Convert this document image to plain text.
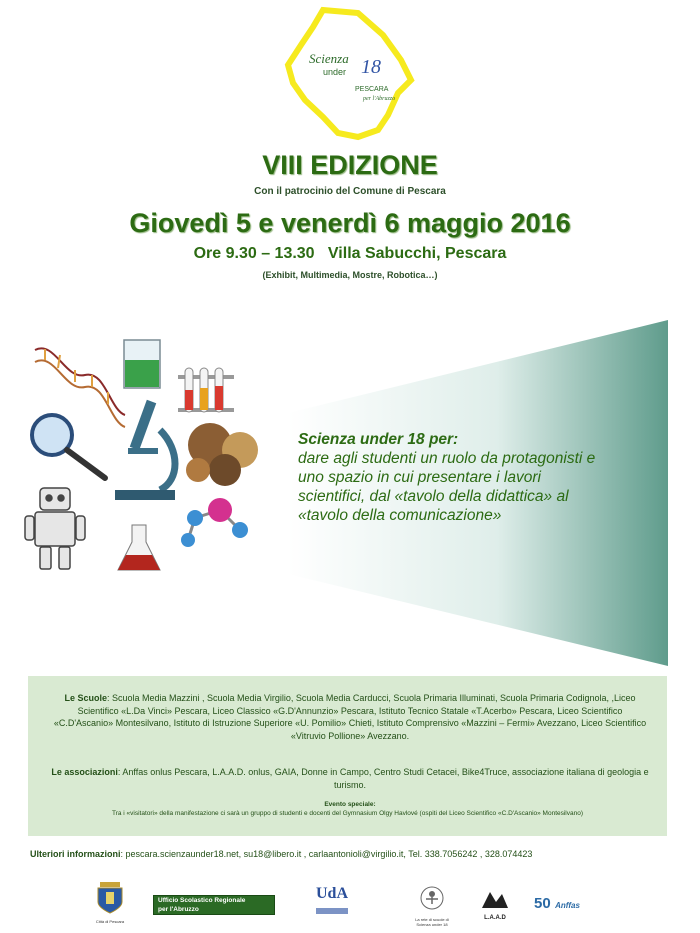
Scienza
under 18
PESCARA
per l'Abruzzo
VIII EDIZIONE
Con il patrocinio del Comune di Pescara
Giovedì 5 e venerdì 6 maggio 2016
Ore 9.30 – 13.30   Villa Sabucchi, Pescara
(Exhibit, Multimedia, Mostre, Robotica…)
Scienza under 18 per:
dare agli studenti un ruolo da protagonisti e
uno spazio in cui presentare i lavori
scientifici, dal «tavolo della didattica» al
«tavolo della comunicazione»
Le Scuole: Scuola Media Mazzini , Scuola Media Virgilio, Scuola Media Carducci, Scuola Primaria Illuminati, Scuola Primaria Codignola, ,Liceo Scientifico «L.Da Vinci» Pescara, Liceo Classico «G.D'Annunzio» Pescara, Istituto Tecnico Statale «T.Acerbo» Pescara, Liceo Scientifico «C.D'Ascanio» Montesilvano, Istituto di Istruzione Superiore «U. Pomilio» Chieti, Istituto Comprensivo «Mazzini – Fermi» Avezzano, Liceo Scientifico «Vitruvio Pollione» Avezzano.
Le associazioni: Anffas onlus Pescara, L.A.A.D. onlus, GAIA, Donne in Campo, Centro Studi Cetacei, Bike4Truce, associazione italiana di geologia e turismo.
Evento speciale:
Tra i «visitatori» della manifestazione ci sarà un gruppo di studenti e docenti del Gymnasium Olgy Havlové (ospiti del Liceo Scientifico «C.D'Ascanio» Montesilvano)
Ulteriori informazioni: pescara.scienzaunder18.net, su18@libero.it , carlaantonioli@virgilio.it, Tel. 338.7056242 , 328.074423
Città di Pescara
Ufficio Scolastico Regionale
per l'Abruzzo
UdA
La rete di scuole di Scienza under 18
L.A.A.D
50 Anffas
